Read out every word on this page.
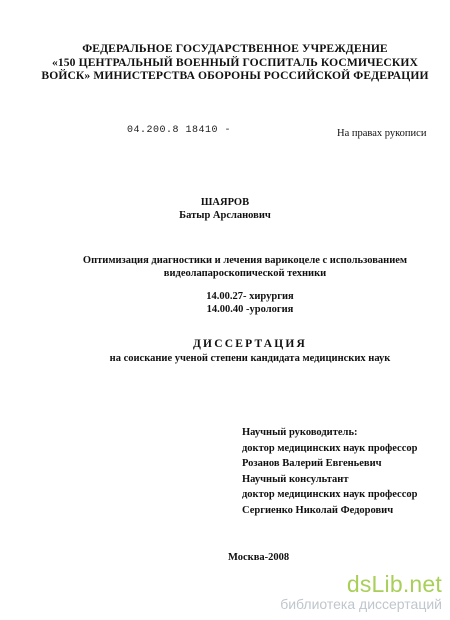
ФЕДЕРАЛЬНОЕ ГОСУДАРСТВЕННОЕ УЧРЕЖДЕНИЕ
«150 ЦЕНТРАЛЬНЫЙ ВОЕННЫЙ ГОСПИТАЛЬ КОСМИЧЕСКИХ
ВОЙСК» МИНИСТЕРСТВА ОБОРОНЫ РОССИЙСКОЙ ФЕДЕРАЦИИ
04.200.8 18410 -	На правах рукописи
ШАЯРОВ
Батыр Арсланович
Оптимизация диагностики и лечения варикоцеле с использованием
видеолапароскопической техники
14.00.27- хирургия
14.00.40 -урология
ДИССЕРТАЦИЯ
на соискание ученой степени кандидата медицинских наук
Научный руководитель:
доктор медицинских наук профессор
Розанов Валерий Евгеньевич
Научный консультант
доктор медицинских наук профессор
Сергиенко Николай Федорович
Москва-2008
dsLib.net
библиотека диссертаций
